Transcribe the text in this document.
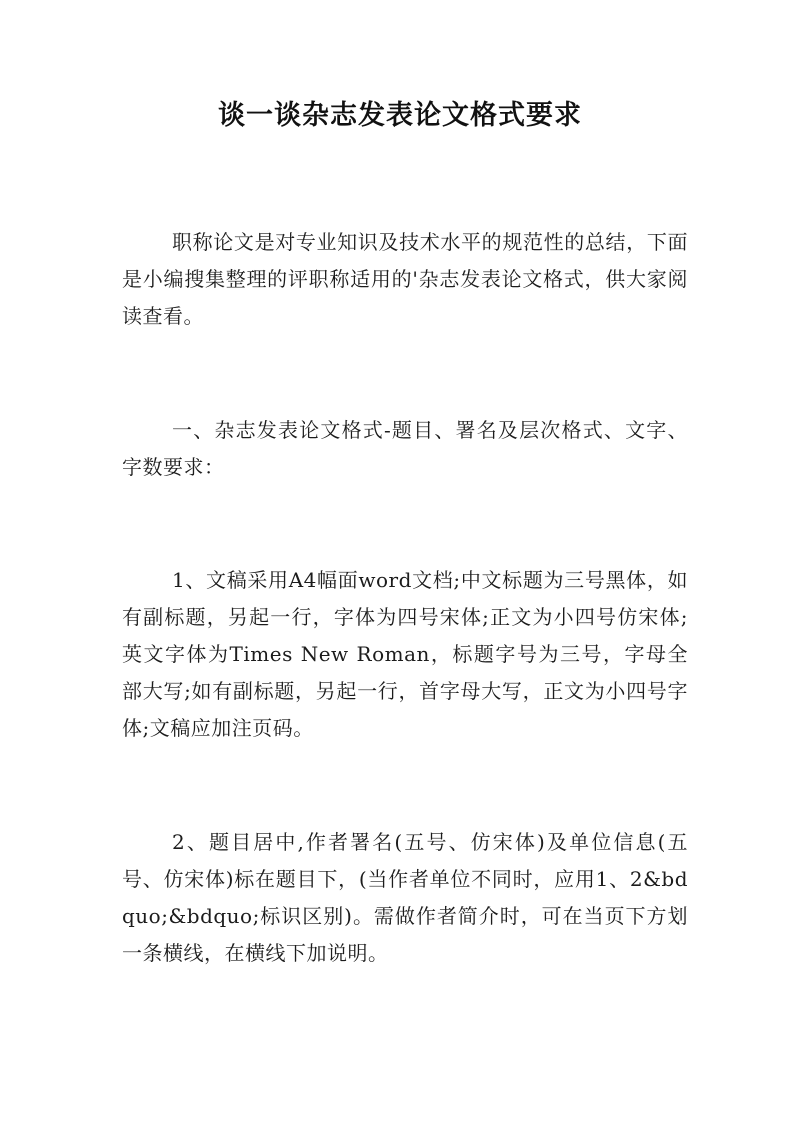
谈一谈杂志发表论文格式要求

职称论文是对专业知识及技术水平的规范性的总结，下面是小编搜集整理的评职称适用的'杂志发表论文格式，供大家阅读查看。

一、杂志发表论文格式-题目、署名及层次格式、文字、字数要求：

1、文稿采用A4幅面word文档;中文标题为三号黑体，如有副标题，另起一行，字体为四号宋体;正文为小四号仿宋体;英文字体为Times New Roman，标题字号为三号，字母全部大写;如有副标题，另起一行，首字母大写，正文为小四号字体;文稿应加注页码。

2、题目居中,作者署名(五号、仿宋体)及单位信息(五号、仿宋体)标在题目下，(当作者单位不同时，应用1、2&bdquo;&bdquo;标识区别)。需做作者简介时，可在当页下方划一条横线，在横线下加说明。
